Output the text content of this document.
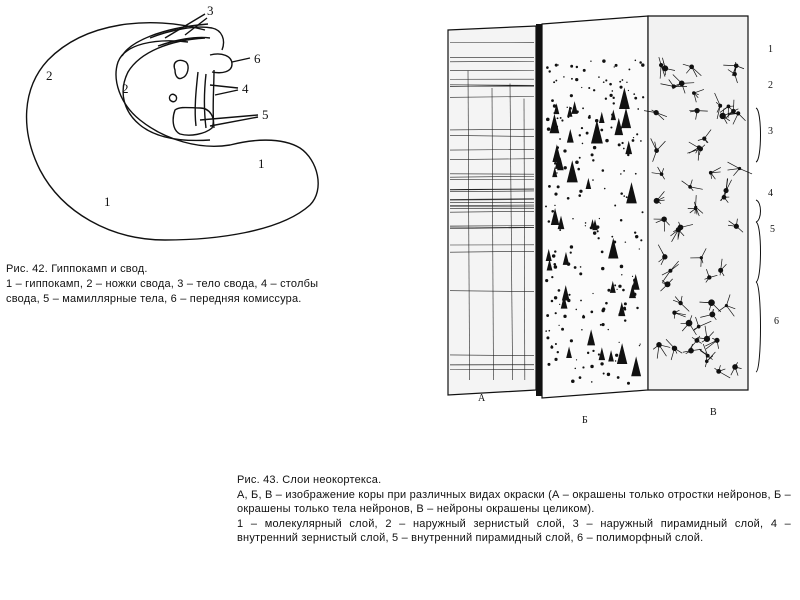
3
6
4
5
2
2
1
1
Рис. 42. Гиппокамп и свод.
1 – гиппокамп, 2 – ножки свода, 3 – тело свода, 4 – столбы
свода, 5 – мамиллярные тела, 6 – передняя комиссура.
1
2
3
4
5
6
А
Б
В
Рис. 43. Слои неокортекса.
А, Б, В – изображение коры при различных видах окраски (А – окрашены только отростки нейронов, Б – окрашены только тела нейронов, В – нейроны окрашены целиком).
1 – молекулярный слой, 2 – наружный зернистый слой, 3 – наружный пирамидный слой, 4 – внутренний зернистый слой, 5 – внутренний пирамидный слой, 6 – полиморфный слой.
